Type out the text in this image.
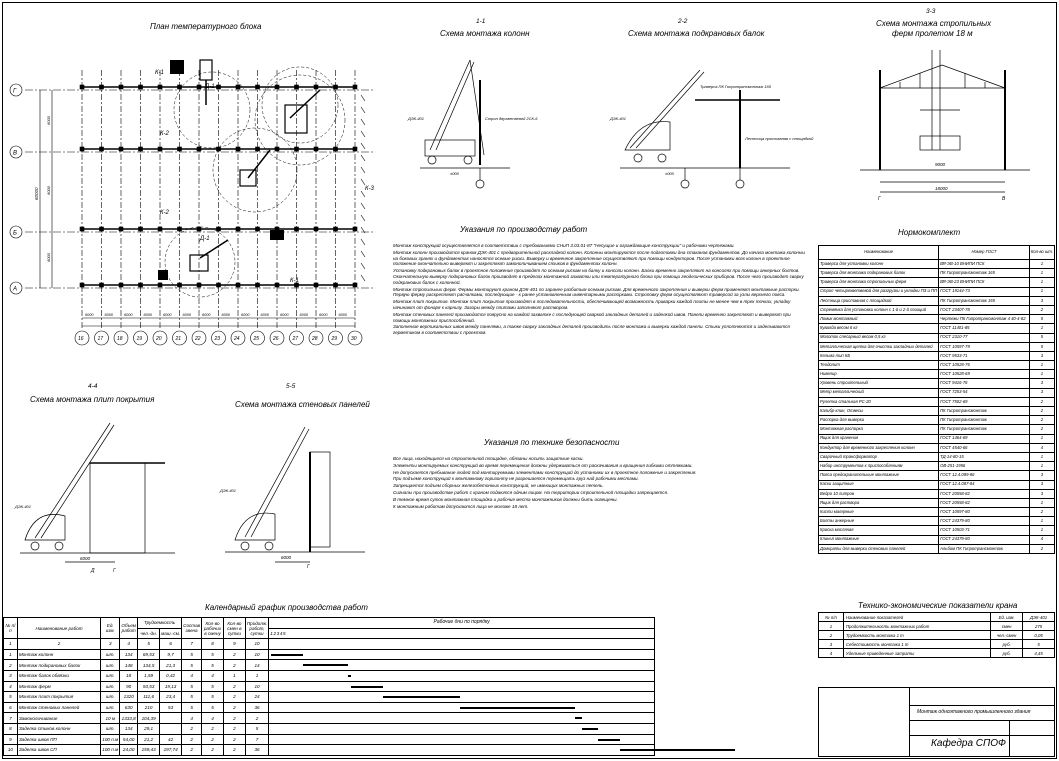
План температурного блока
Г
В
Б
А
16
6000
17
6000
18
6000
19
6000
20
6000
21
6000
22
6000
23
6000
24
6000
25
6000
26
6000
27
6000
28
6000
29
6000
30
60000
6000
6000
6000
К-1
К-2
К-2
К-1
К-3
Д-1
Д-1
1-1
Схема монтажа колонн
ДЭК-401	Строп двухветвевой 2СК-6
±000
2-2
Схема монтажа подкрановых балок
ДЭК-401
Траверса ПК Гипротрансмонтаж 165
Лестница приставная с площадкой
±000
3-3
Схема монтажа стропильных
ферм пролетом 18 м
9000
18000
Г	В
Указания по производству работ

Монтаж конструкций осуществляется в соответствии с требованиями СНиП 3.03.01-87 "Несущие и ограждающие конструкции" и рабочими чертежами.

Монтаж колонн производится краном ДЭК-401 с предварительной раскладкой колонн. Колонны монтируются после подготовки дна стаканов фундаментов. До начала монтажа колонны на боковых гранях и фундаментах наносятся осевые риски. Выверку и временное закрепление осуществляют при помощи кондукторов. После установки всех колонн в проектное положение окончательно выверяют и закрепляют замоноличиванием стыков в фундаментах колонн.

Установку подкрановых балок в проектное положение производят по осевым рискам на балку и консоли колонн. Балки временно закрепляют на консолях при помощи анкерных болтов. Окончательную выверку подкрановых балок производят в пределах монтажной захватки или температурного блока при помощи геодезических приборов. После чего производят сварку подкрановых балок с колонной.

Монтаж стропильных ферм. Фермы монтируют краном ДЭК-401 по заранее разбитым осевым рискам. Для временного закрепления и выверки ферм применяют монтажные распорки. Первую ферму раскрепляют расчалками, последующие - к ранее установленным инвентарными распорками. Строповку ферм осуществляют траверсой за узлы верхнего пояса.

Монтаж плит покрытия. Монтаж плит покрытия производят в последовательности, обеспечивающей возможность приварки каждой плиты не менее чем в трех точках, укладку начинают от фонаря к карнизу. Зазоры между плитами заполняют раствором.

Монтаж стеновых панелей производится поярусно на каждой захватке с последующей сваркой закладных деталей и заделкой швов. Панели временно закрепляют и выверяют при помощи монтажных приспособлений.

Заполнение вертикальных швов между панелями, а также сварку закладных деталей производить после монтажа и выверки каждой панели. Стыки уплотняются и заделываются герметиком в соответствии с проектом.

Указания по технике безопасности

Все лица, находящиеся на строительной площадке, обязаны носить защитные каски.

Элементы монтируемых конструкций во время перемещения должны удерживаться от раскачивания и вращения гибкими оттяжками.

Не допускается пребывание людей под монтируемыми элементами конструкций до установки их в проектное положение и закрепления.

При подъеме конструкций к монтажному горизонту не разрешается перемещать груз над рабочими местами.

Запрещается подъем сборных железобетонных конструкций, не имеющих монтажных петель.

Сигналы при производстве работ с краном подаются одним лицом. На территории строительной площадки запрещается.

В темное время суток монтажная площадка и рабочие места монтажников должны быть освещены.

К монтажным работам допускаются лица не моложе 18 лет.

4-4
Схема монтажа плит покрытия
ДЭК-401
6000
Д	Г
5-5
Схема монтажа стеновых панелей
ДЭК-401
6000
Г
Нормокомплект
Наименование	Номер ГОСТ	Кол-во шт.
Траверса для установки колонн	ВЯ-ЭВ-10 ВНИПИ ПСК	1
Траверса для монтажа подкрановых балок	ПК Гипротрансмонтаж 165	1
Траверса для монтажа стропильных ферм	ВЯ-ЭВ-23 ВНИПИ ПСК	1
Строп четырехветвевой для разгрузки и укладки ПЗ и ПП	ГОСТ 19144-73	1
Лестница приставная с площадкой	ПК Гипротрансмонтаж 155	3
Стремянка для установки колонн с 1-й и 2-й позиций	ГОСТ 23407-78	2
Ломик монтажный	Чертежи ПК Гипротрансмонтаж 4 40-4-82	5
Кувалда весом 6 кг	ГОСТ 11401-85	1
Молоток слесарный весом 0,5 кг	ГОСТ 2310-77	5
Металлическая щетка для очистки закладных деталей	ГОСТ 10597-79	5
Кельма тип КБ	ГОСТ 9533-71	3
Теодолит	ГОСТ 10528-76	1
Нивелир	ГОСТ 10528-69	1
Уровень строительный	ГОСТ 9416-76	3
Метр металлический	ГОСТ 7253-54	3
Рулетка стальная РС-20	ГОСТ 7502-69	2
Калибр-клин, Отвесы	ПК Гипротрансмонтаж	2
Распорка для выверки	ПК Гипротрансмонтаж	2
Монтажная распорка	ПК Гипротрансмонтаж	2
Ящик для хранения	ГОСТ 1464-69	1
Кондуктор для временного закрепления колонн	ГОСТ 4540-66	4
Сварочный трансформатор	ТД-14-80-15	1
Набор инструментов к приспособлениям	ОВ-251-1956	1
Пояса предохранительные монтажные	ГОСТ 12.4.089-86	3
Каски защитные	ГОСТ 12.4.087-84	3
Ведро 10 литров	ГОСТ 20558-82	3
Ящик для раствора	ГОСТ 20558-82	1
Кисти малярные	ГОСТ 10597-80	2
Болты анкерные	ГОСТ 24379-80	1
Краска масляная	ГОСТ 10503-71	1
Клинья монтажные	ГОСТ 24379-80	4
Домкраты для выверки стеновых панелей	Альбом ПК Гипротрансмонтаж	2
Календарный график производства работ
№ п/п	Наименование работ	Ед. изм.	Объем работ	Трудоемкость		Состав звена	Кол-во рабочих в смену	Кол-во смен в сутки	Продолж. работ, сутки	Рабочие дни по порядку
				чел.-дн.	маш.-см.					12345
1	2	3	4	5	6	7	8	9	10	
1	Монтаж колонн	шт.	134	69,53	9,7	5	5	2	10	

2	Монтаж подкрановых балок	шт.	148	134,5	21,3	5	5	2	14	

3	Монтаж балок обвязки	шт.	18	1,59	0,42	4	4	1	1	

4	Монтаж ферм	шт.	90	93,53	19,13	5	5	2	10	

5	Монтаж плит покрытия	шт.	1320	111,6	23,4	5	5	2	24	

6	Монтаж стеновых панелей	шт.	630	210	53	5	5	2	36	

7	Замоноличивание	10 м	1333,8	104,39		4	4	2	2	

8	Заделка стыков колонн	шт.	134	29,1		2	2	2	5	

9	Заделка швов ПП	100 п.м	54,00	21,2	42	2	2	2	7	

10	Заделка швов СП	100 п.м	24,00	159,43	197,74	2	2	2	36	
Технико-экономические показатели крана
№ п/п	Наименование показателей	Ед. изм.	ДЭК-401
1	Продолжительность монтажных работ	смен	275
2	Трудоемкость монтажа 1 т	чел.-смен	0,05
3	Себестоимость монтажа 1 т	руб.	5
4	Удельные приведенные затраты	руб.	4,45
Монтаж одноэтажного промышленного здания
Кафедра СПОФ
